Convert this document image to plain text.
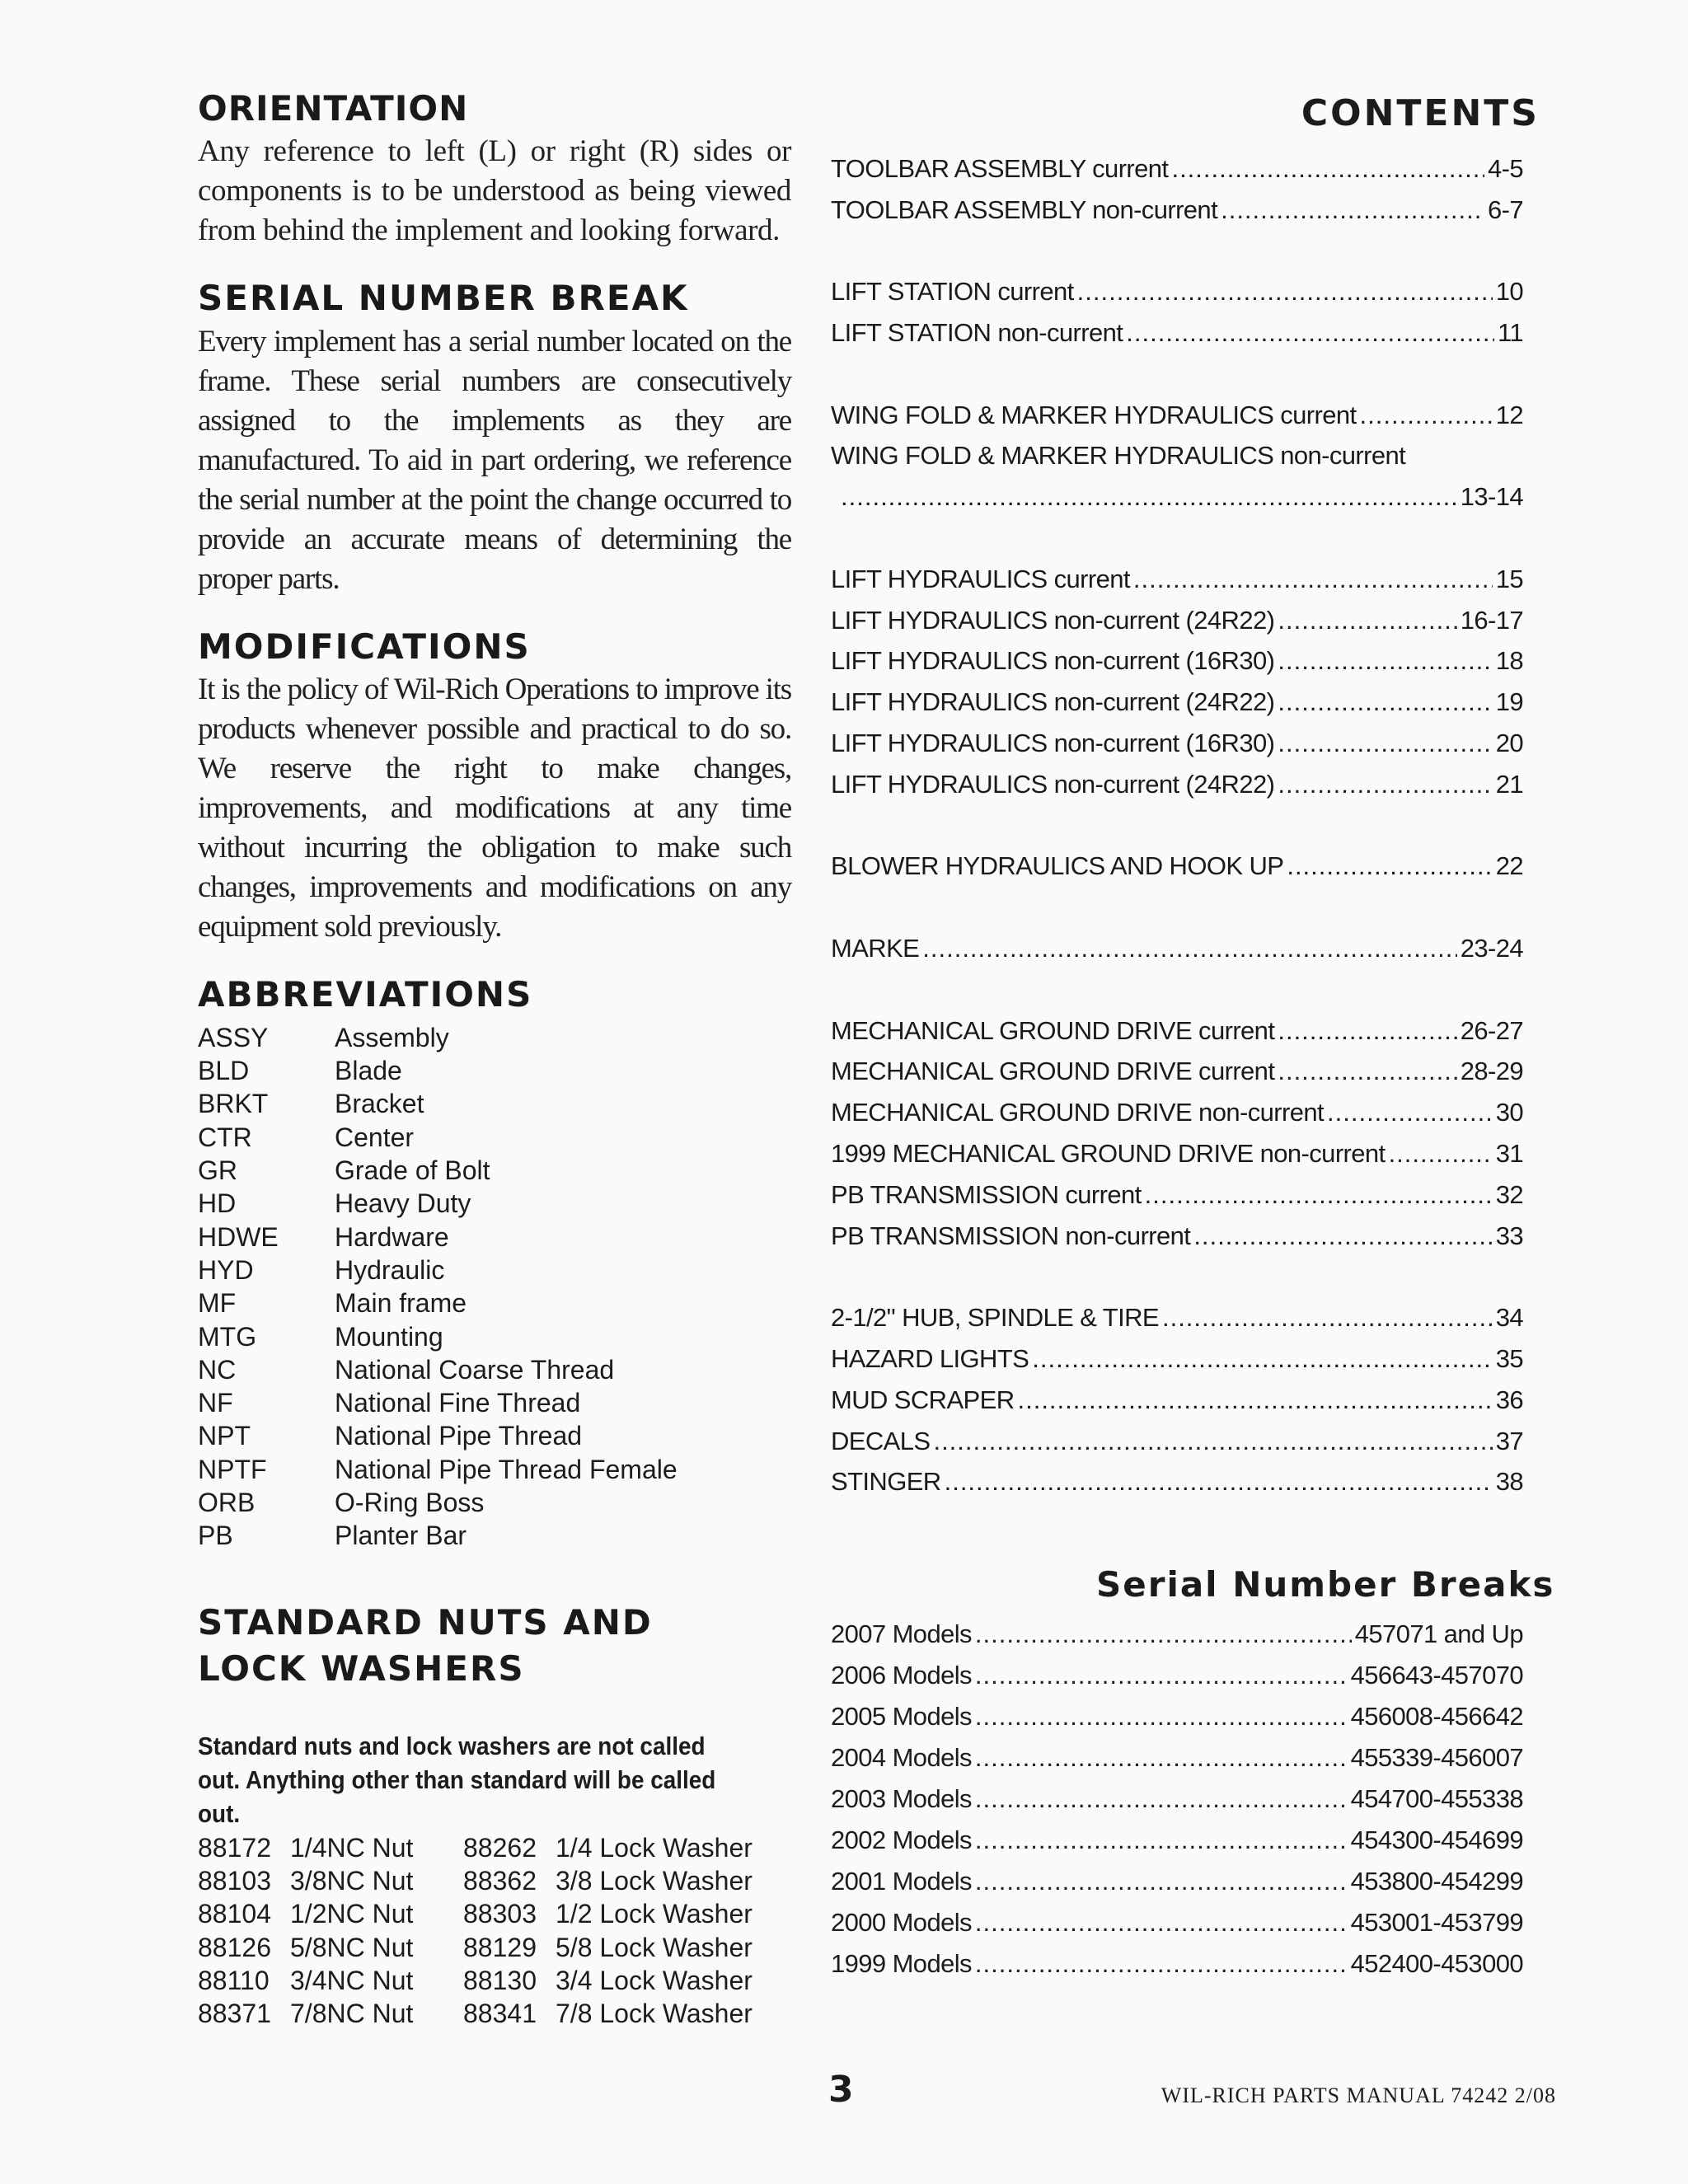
ORIENTATION

Any reference to left (L) or right (R) sides or components is to be understood as being viewed from behind the implement and looking forward.

SERIAL NUMBER BREAK

Every implement has a serial number located on the frame. These serial numbers are consecutively assigned to the implements as they are manufactured. To aid in part ordering, we reference the serial number at the point the change occurred to provide an accurate means of determining the proper parts.

MODIFICATIONS

It is the policy of Wil-Rich Operations to improve its products whenever possible and practical to do so. We reserve the right to make changes, improvements, and modifications at any time without incurring the obligation to make such changes, improvements and modifications on any equipment sold previously.

ABBREVIATIONS
ASSY	Assembly
BLD	Blade
BRKT	Bracket
CTR	Center
GR	Grade of Bolt
HD	Heavy Duty
HDWE	Hardware
HYD	Hydraulic
MF	Main frame
MTG	Mounting
NC	National Coarse Thread
NF	National Fine Thread
NPT	National Pipe Thread
NPTF	National Pipe Thread Female
ORB	O-Ring Boss
PB	Planter Bar
STANDARD NUTS AND
LOCK WASHERS
Standard nuts and lock washers are not called out. Anything other than standard will be called out.
88172 1/4NC Nut	88262 1/4 Lock Washer
88103 3/8NC Nut	88362 3/8 Lock Washer
88104 1/2NC Nut	88303 1/2 Lock Washer
88126 5/8NC Nut	88129 5/8 Lock Washer
88110 3/4NC Nut	88130 3/4 Lock Washer
88371 7/8NC Nut	88341 7/8 Lock Washer
CONTENTS
TOOLBAR ASSEMBLY current .....	4-5
TOOLBAR ASSEMBLY non-current .....	6-7
LIFT STATION current .....	10
LIFT STATION non-current .....	11
WING FOLD & MARKER HYDRAULICS current .....	12
WING FOLD & MARKER HYDRAULICS non-current
.....
13-14
LIFT HYDRAULICS current .....	15
LIFT HYDRAULICS non-current (24R22) .....	16-17
LIFT HYDRAULICS non-current (16R30) .....	18
LIFT HYDRAULICS non-current (24R22) .....	19
LIFT HYDRAULICS non-current (16R30) .....	20
LIFT HYDRAULICS non-current (24R22) .....	21
BLOWER HYDRAULICS AND HOOK UP .....	22
MARKE .....	23-24
MECHANICAL GROUND DRIVE current .....	26-27
MECHANICAL GROUND DRIVE current .....	28-29
MECHANICAL GROUND DRIVE non-current .....	30
1999 MECHANICAL GROUND DRIVE non-current .....	31
PB TRANSMISSION current .....	32
PB TRANSMISSION non-current .....	33
2-1/2" HUB, SPINDLE & TIRE .....	34
HAZARD LIGHTS .....	35
MUD SCRAPER .....	36
DECALS .....	37
STINGER .....	38
Serial Number Breaks
2007 Models .....	457071 and Up
2006 Models .....	456643-457070
2005 Models .....	456008-456642
2004 Models .....	455339-456007
2003 Models .....	454700-455338
2002 Models .....	454300-454699
2001 Models .....	453800-454299
2000 Models .....	453001-453799
1999 Models .....	452400-453000
3	WIL-RICH PARTS MANUAL 74242 2/08
